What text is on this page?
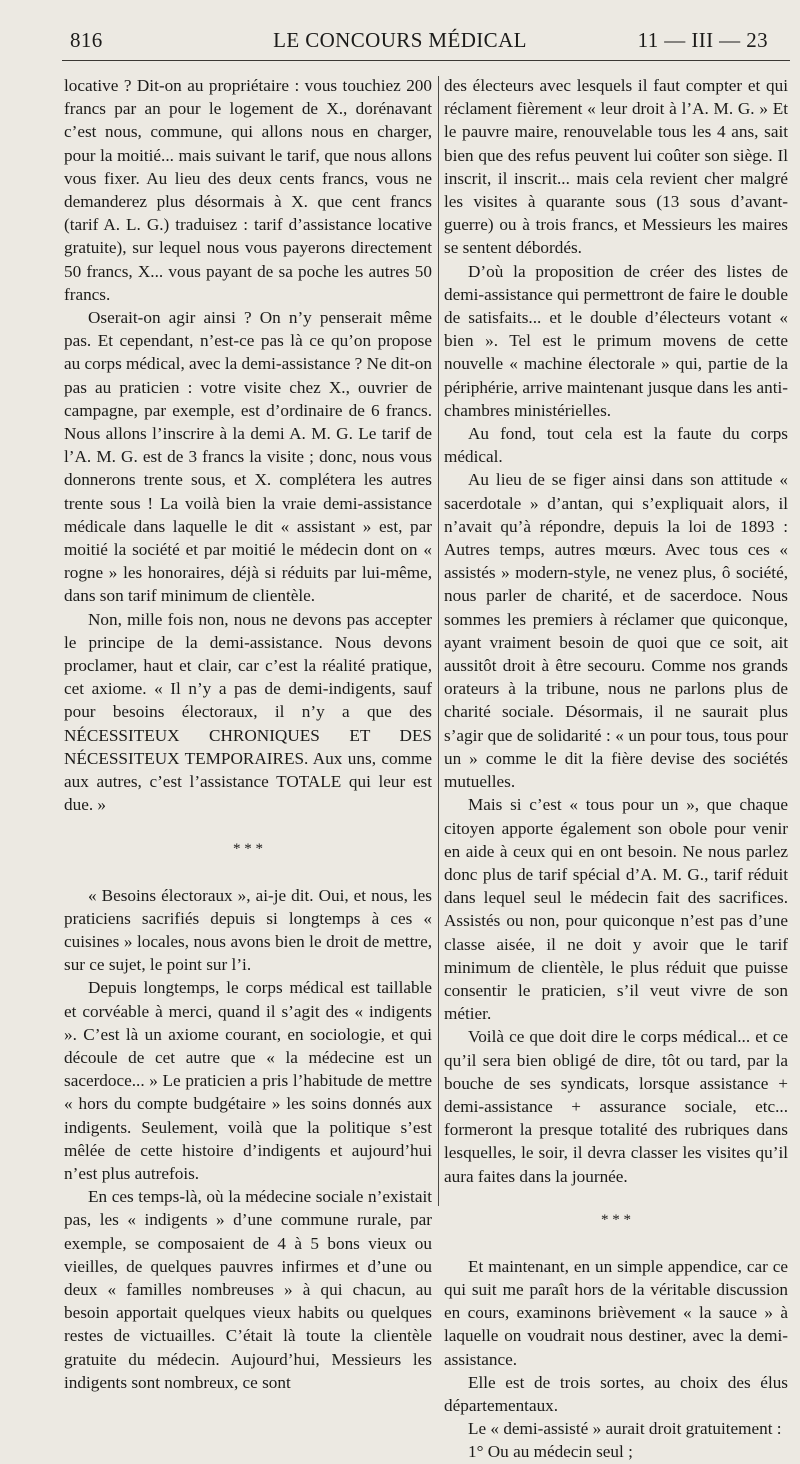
816	LE CONCOURS MÉDICAL	11 — III — 23

locative ? Dit-on au propriétaire : vous touchiez 200 francs par an pour le logement de X., dorénavant c’est nous, commune, qui allons nous en charger, pour la moitié... mais suivant le tarif, que nous allons vous fixer. Au lieu des deux cents francs, vous ne demanderez plus désormais à X. que cent francs (tarif A. L. G.) traduisez : tarif d’assistance locative gratuite), sur lequel nous vous payerons directement 50 francs, X... vous payant de sa poche les autres 50 francs.

Oserait-on agir ainsi ? On n’y penserait même pas. Et cependant, n’est-ce pas là ce qu’on propose au corps médical, avec la demi-assistance ? Ne dit-on pas au praticien : votre visite chez X., ouvrier de campagne, par exemple, est d’ordinaire de 6 francs. Nous allons l’inscrire à la demi A. M. G. Le tarif de l’A. M. G. est de 3 francs la visite ; donc, nous vous donnerons trente sous, et X. complétera les autres trente sous ! La voilà bien la vraie demi-assistance médicale dans laquelle le dit « assistant » est, par moitié la société et par moitié le médecin dont on « rogne » les honoraires, déjà si réduits par lui-même, dans son tarif minimum de clientèle.

Non, mille fois non, nous ne devons pas accepter le principe de la demi-assistance. Nous devons proclamer, haut et clair, car c’est la réalité pratique, cet axiome. « Il n’y a pas de demi-indigents, sauf pour besoins électoraux, il n’y a que des NÉCESSITEUX CHRONIQUES ET DES NÉCESSITEUX TEMPORAIRES. Aux uns, comme aux autres, c’est l’assistance TOTALE qui leur est due. »

* * *

« Besoins électoraux », ai-je dit. Oui, et nous, les praticiens sacrifiés depuis si longtemps à ces « cuisines » locales, nous avons bien le droit de mettre, sur ce sujet, le point sur l’i.

Depuis longtemps, le corps médical est taillable et corvéable à merci, quand il s’agit des « indigents ». C’est là un axiome courant, en sociologie, et qui découle de cet autre que « la médecine est un sacerdoce... » Le praticien a pris l’habitude de mettre « hors du compte budgétaire » les soins donnés aux indigents. Seulement, voilà que la politique s’est mêlée de cette histoire d’indigents et aujourd’hui n’est plus autrefois.

En ces temps-là, où la médecine sociale n’existait pas, les « indigents » d’une commune rurale, par exemple, se composaient de 4 à 5 bons vieux ou vieilles, de quelques pauvres infirmes et d’une ou deux « familles nombreuses » à qui chacun, au besoin apportait quelques vieux habits ou quelques restes de victuailles. C’était là toute la clientèle gratuite du médecin. Aujourd’hui, Messieurs les indigents sont nombreux, ce sont

des électeurs avec lesquels il faut compter et qui réclament fièrement « leur droit à l’A. M. G. » Et le pauvre maire, renouvelable tous les 4 ans, sait bien que des refus peuvent lui coûter son siège. Il inscrit, il inscrit... mais cela revient cher malgré les visites à quarante sous (13 sous d’avant-guerre) ou à trois francs, et Messieurs les maires se sentent débordés.

D’où la proposition de créer des listes de demi-assistance qui permettront de faire le double de satisfaits... et le double d’électeurs votant « bien ». Tel est le primum movens de cette nouvelle « machine électorale » qui, partie de la périphérie, arrive maintenant jusque dans les anti-chambres ministérielles.

Au fond, tout cela est la faute du corps médical.

Au lieu de se figer ainsi dans son attitude « sacerdotale » d’antan, qui s’expliquait alors, il n’avait qu’à répondre, depuis la loi de 1893 : Autres temps, autres mœurs. Avec tous ces « assistés » modern-style, ne venez plus, ô société, nous parler de charité, et de sacerdoce. Nous sommes les premiers à réclamer que quiconque, ayant vraiment besoin de quoi que ce soit, ait aussitôt droit à être secouru. Comme nos grands orateurs à la tribune, nous ne parlons plus de charité sociale. Désormais, il ne saurait plus s’agir que de solidarité : « un pour tous, tous pour un » comme le dit la fière devise des sociétés mutuelles.

Mais si c’est « tous pour un », que chaque citoyen apporte également son obole pour venir en aide à ceux qui en ont besoin. Ne nous parlez donc plus de tarif spécial d’A. M. G., tarif réduit dans lequel seul le médecin fait des sacrifices. Assistés ou non, pour quiconque n’est pas d’une classe aisée, il ne doit y avoir que le tarif minimum de clientèle, le plus réduit que puisse consentir le praticien, s’il veut vivre de son métier.

Voilà ce que doit dire le corps médical... et ce qu’il sera bien obligé de dire, tôt ou tard, par la bouche de ses syndicats, lorsque assistance + demi-assistance + assurance sociale, etc... formeront la presque totalité des rubriques dans lesquelles, le soir, il devra classer les visites qu’il aura faites dans la journée.

* * *

Et maintenant, en un simple appendice, car ce qui suit me paraît hors de la véritable discussion en cours, examinons brièvement « la sauce » à laquelle on voudrait nous destiner, avec la demi-assistance.

Elle est de trois sortes, au choix des élus départementaux.

Le « demi-assisté » aurait droit gratuitement :

1° Ou au médecin seul ;
